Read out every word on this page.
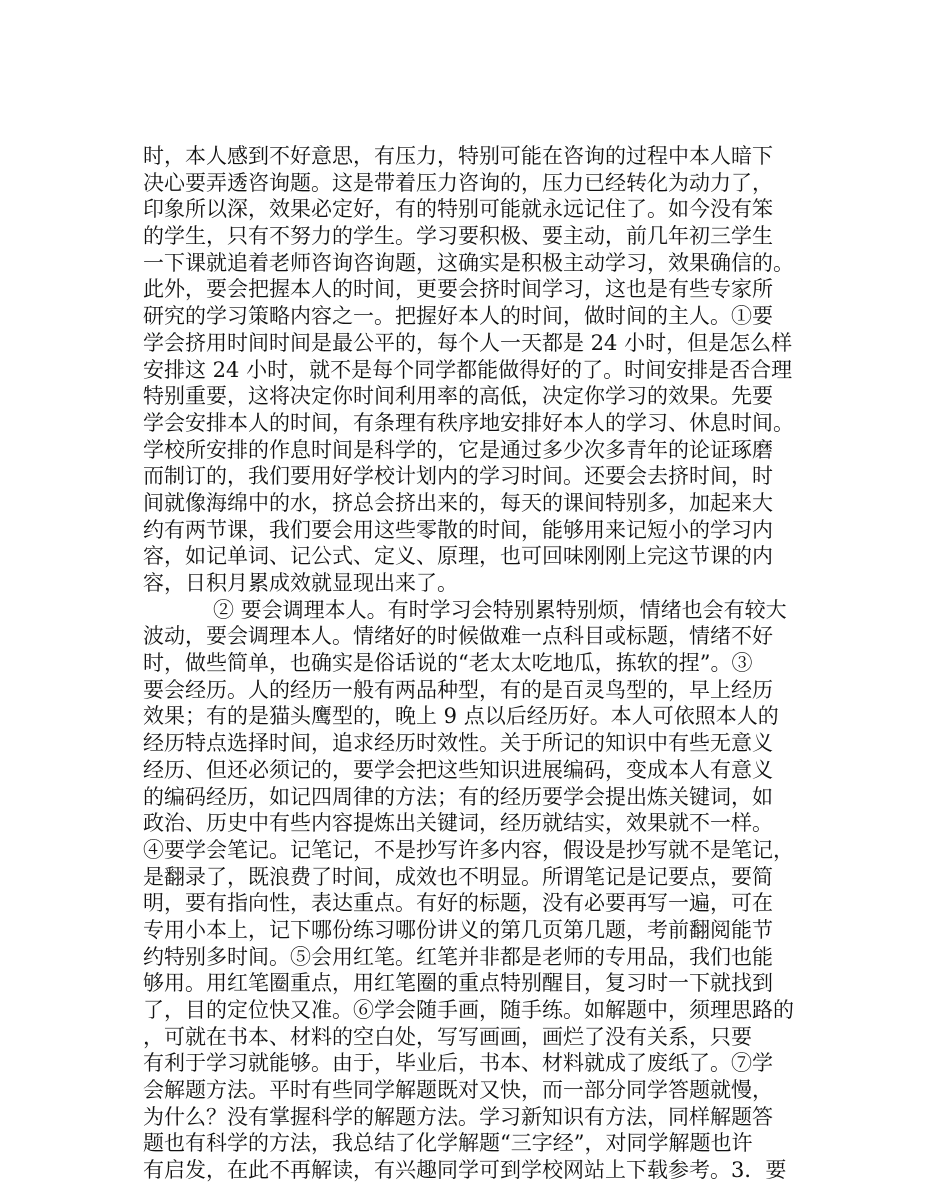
时，本人感到不好意思，有压力，特别可能在咨询的过程中本人暗下
决心要弄透咨询题。这是带着压力咨询的，压力已经转化为动力了，
印象所以深，效果必定好，有的特别可能就永远记住了。如今没有笨
的学生，只有不努力的学生。学习要积极、要主动，前几年初三学生
一下课就追着老师咨询咨询题，这确实是积极主动学习，效果确信的。
此外，要会把握本人的时间，更要会挤时间学习，这也是有些专家所
研究的学习策略内容之一。把握好本人的时间，做时间的主人。①要
学会挤用时间时间是最公平的，每个人一天都是 24 小时，但是怎么样
安排这 24 小时，就不是每个同学都能做得好的了。时间安排是否合理
特别重要，这将决定你时间利用率的高低，决定你学习的效果。先要
学会安排本人的时间，有条理有秩序地安排好本人的学习、休息时间。
学校所安排的作息时间是科学的，它是通过多少次多青年的论证琢磨
而制订的，我们要用好学校计划内的学习时间。还要会去挤时间，时
间就像海绵中的水，挤总会挤出来的，每天的课间特别多，加起来大
约有两节课，我们要会用这些零散的时间，能够用来记短小的学习内
容，如记单词、记公式、定义、原理，也可回味刚刚上完这节课的内
容，日积月累成效就显现出来了。
② 要会调理本人。有时学习会特别累特别烦，情绪也会有较大
波动，要会调理本人。情绪好的时候做难一点科目或标题，情绪不好
时，做些简单，也确实是俗话说的“老太太吃地瓜，拣软的捏”。③
要会经历。人的经历一般有两品种型，有的是百灵鸟型的，早上经历
效果；有的是猫头鹰型的，晚上 9 点以后经历好。本人可依照本人的
经历特点选择时间，追求经历时效性。关于所记的知识中有些无意义
经历、但还必须记的，要学会把这些知识进展编码，变成本人有意义
的编码经历，如记四周律的方法；有的经历要学会提出炼关键词，如
政治、历史中有些内容提炼出关键词，经历就结实，效果就不一样。
④要学会笔记。记笔记，不是抄写许多内容，假设是抄写就不是笔记，
是翻录了，既浪费了时间，成效也不明显。所谓笔记是记要点，要简
明，要有指向性，表达重点。有好的标题，没有必要再写一遍，可在
专用小本上，记下哪份练习哪份讲义的第几页第几题，考前翻阅能节
约特别多时间。⑤会用红笔。红笔并非都是老师的专用品，我们也能
够用。用红笔圈重点，用红笔圈的重点特别醒目，复习时一下就找到
了，目的定位快又准。⑥学会随手画，随手练。如解题中，须理思路的
，可就在书本、材料的空白处，写写画画，画烂了没有关系，只要
有利于学习就能够。由于，毕业后，书本、材料就成了废纸了。⑦学
会解题方法。平时有些同学解题既对又快，而一部分同学答题就慢，
为什么？没有掌握科学的解题方法。学习新知识有方法，同样解题答
题也有科学的方法，我总结了化学解题“三字经”，对同学解题也许
有启发，在此不再解读，有兴趣同学可到学校网站上下载参考。3．要
